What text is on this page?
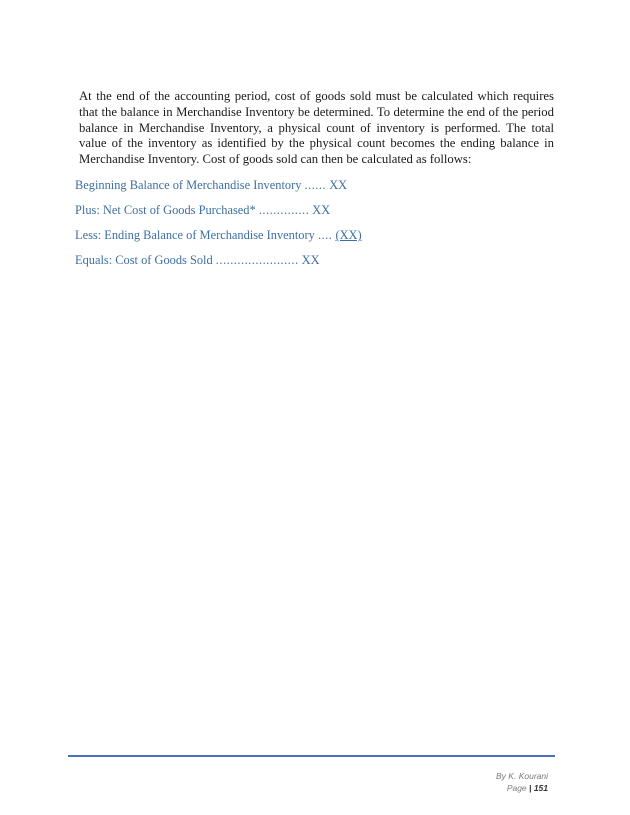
At the end of the accounting period, cost of goods sold must be calculated which requires that the balance in Merchandise Inventory be determined. To determine the end of the period balance in Merchandise Inventory, a physical count of inventory is performed. The total value of the inventory as identified by the physical count becomes the ending balance in Merchandise Inventory. Cost of goods sold can then be calculated as follows:

Beginning Balance of Merchandise Inventory ...... XX
Plus: Net Cost of Goods Purchased* .............. XX
Less: Ending Balance of Merchandise Inventory .... (XX)
Equals: Cost of Goods Sold ....................... XX
By K. Kourani
Page | 151
